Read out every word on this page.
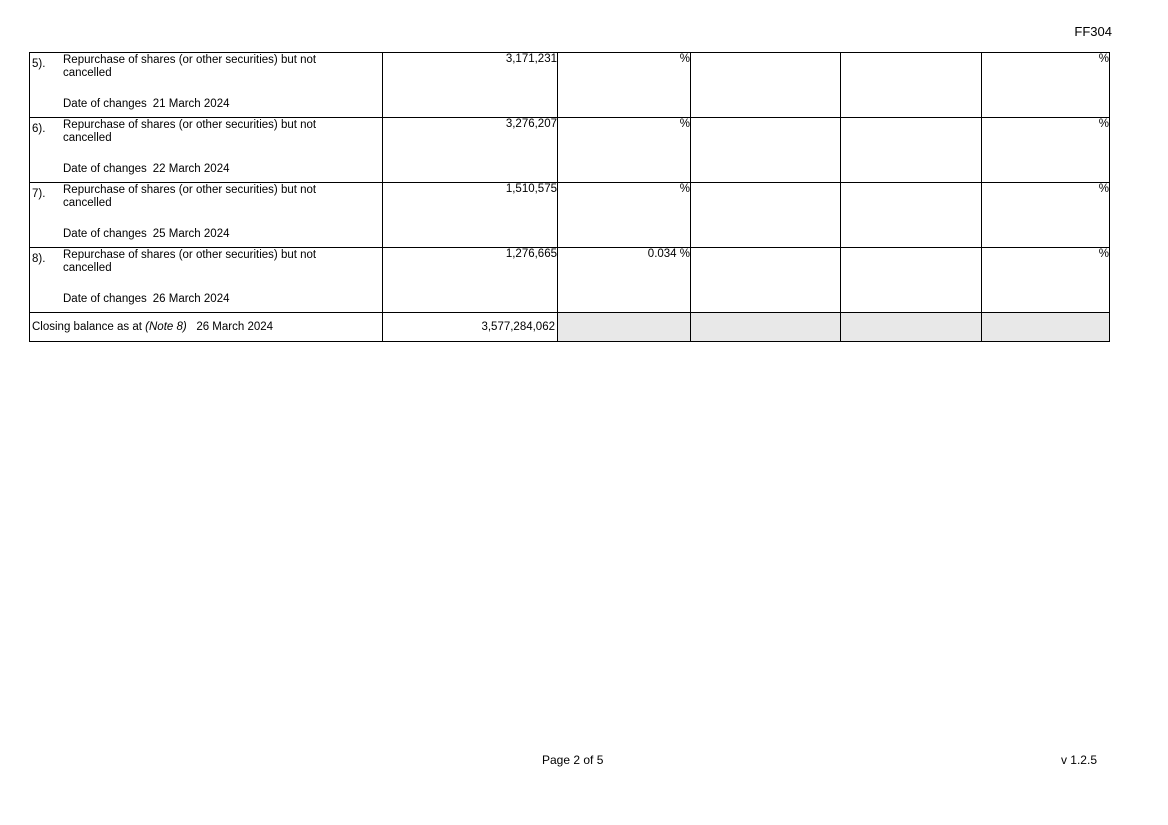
FF304
5). Repurchase of shares (or other securities) but not cancelled
Date of changes 21 March 2024	3,171,231	%			%

6). Repurchase of shares (or other securities) but not cancelled
Date of changes 22 March 2024	3,276,207	%			%

7). Repurchase of shares (or other securities) but not cancelled
Date of changes 25 March 2024	1,510,575	%			%

8). Repurchase of shares (or other securities) but not cancelled
Date of changes 26 March 2024	1,276,665	0.034 %			%
Closing balance as at (Note 8) 26 March 2024	3,577,284,062				
Page 2 of 5	v 1.2.5
